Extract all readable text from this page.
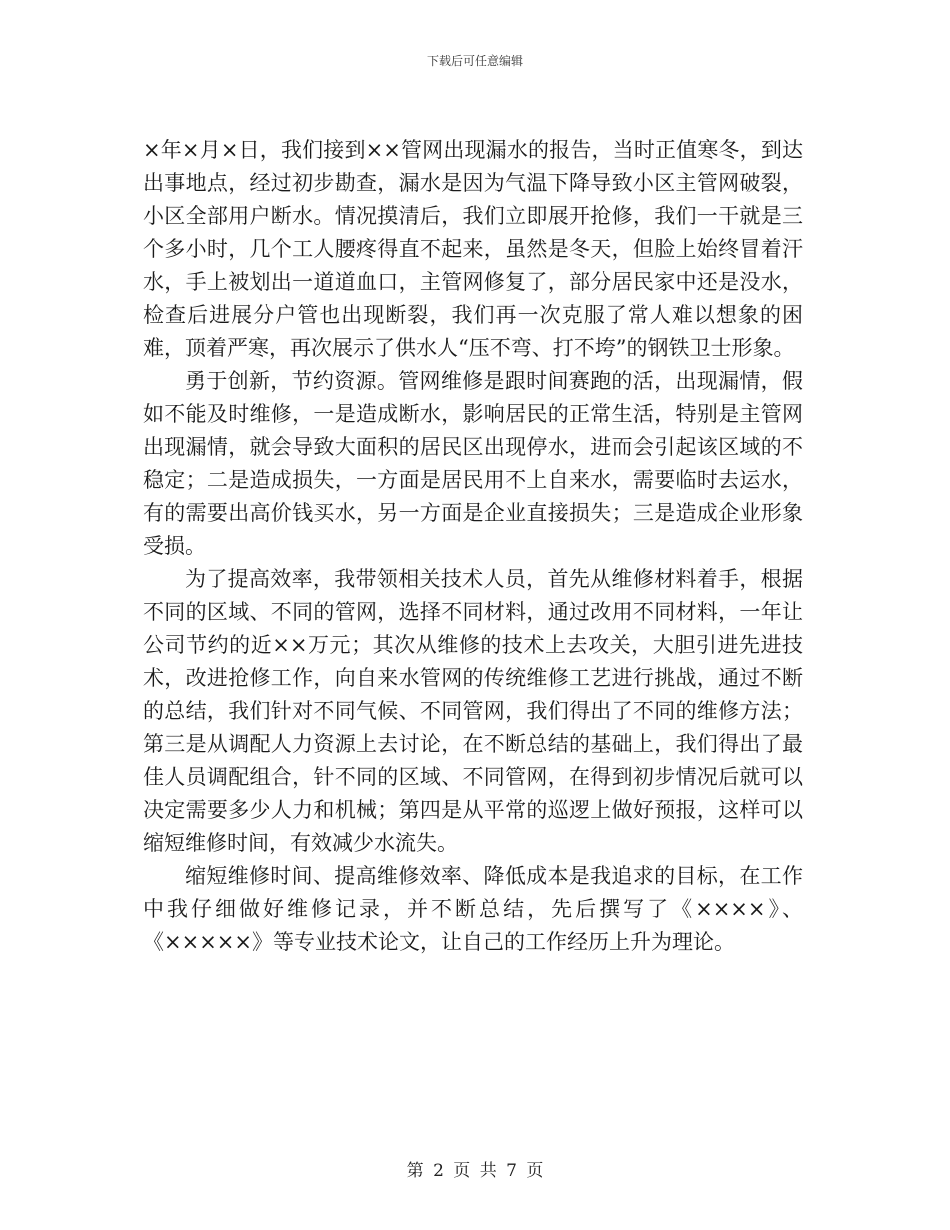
下载后可任意编辑

×年×月×日，我们接到××管网出现漏水的报告，当时正值寒冬，到达出事地点，经过初步勘查，漏水是因为气温下降导致小区主管网破裂，小区全部用户断水。情况摸清后，我们立即展开抢修，我们一干就是三个多小时，几个工人腰疼得直不起来，虽然是冬天，但脸上始终冒着汗水，手上被划出一道道血口，主管网修复了，部分居民家中还是没水，检查后进展分户管也出现断裂，我们再一次克服了常人难以想象的困难，顶着严寒，再次展示了供水人“压不弯、打不垮”的钢铁卫士形象。

勇于创新，节约资源。管网维修是跟时间赛跑的活，出现漏情，假如不能及时维修，一是造成断水，影响居民的正常生活，特别是主管网出现漏情，就会导致大面积的居民区出现停水，进而会引起该区域的不稳定；二是造成损失，一方面是居民用不上自来水，需要临时去运水，有的需要出高价钱买水，另一方面是企业直接损失；三是造成企业形象受损。

为了提高效率，我带领相关技术人员，首先从维修材料着手，根据不同的区域、不同的管网，选择不同材料，通过改用不同材料，一年让公司节约的近××万元；其次从维修的技术上去攻关，大胆引进先进技术，改进抢修工作，向自来水管网的传统维修工艺进行挑战，通过不断的总结，我们针对不同气候、不同管网，我们得出了不同的维修方法；第三是从调配人力资源上去讨论，在不断总结的基础上，我们得出了最佳人员调配组合，针不同的区域、不同管网，在得到初步情况后就可以决定需要多少人力和机械；第四是从平常的巡逻上做好预报，这样可以缩短维修时间，有效减少水流失。

缩短维修时间、提高维修效率、降低成本是我追求的目标，在工作中我仔细做好维修记录，并不断总结，先后撰写了《××××》、《×××××》等专业技术论文，让自己的工作经历上升为理论。

第 2 页 共 7 页
